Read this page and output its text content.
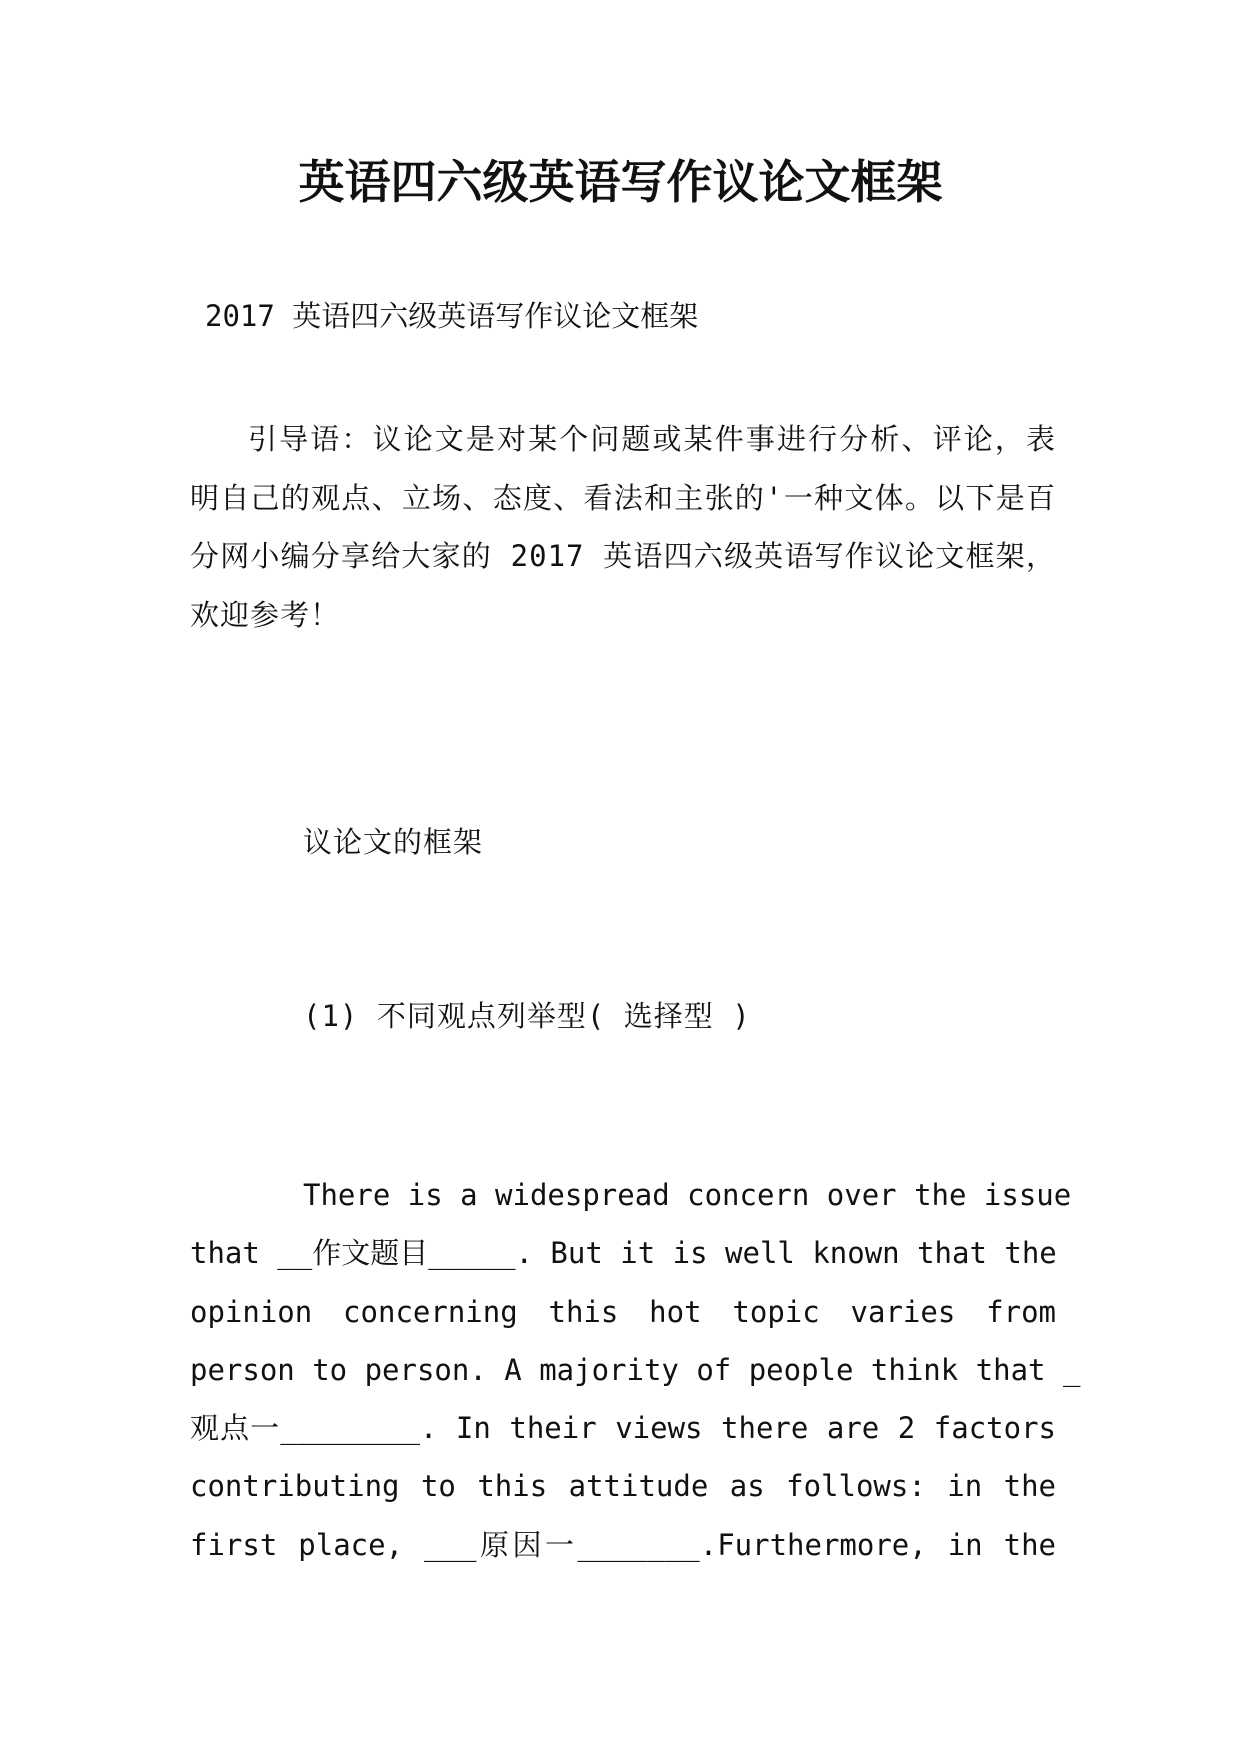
英语四六级英语写作议论文框架

2017 英语四六级英语写作议论文框架

引导语：议论文是对某个问题或某件事进行分析、评论，表明自己的观点、立场、态度、看法和主张的'一种文体。以下是百分网小编分享给大家的 2017 英语四六级英语写作议论文框架，欢迎参考！

议论文的框架

(1) 不同观点列举型( 选择型 )

There is a widespread concern over the issue
that __作文题目_____. But it is well known that the
opinion concerning this hot topic varies from
person to person. A majority of people think that _
观点一________. In their views there are 2 factors
contributing to this attitude as follows: in the
first place, ___原因一_______.Furthermore, in the
